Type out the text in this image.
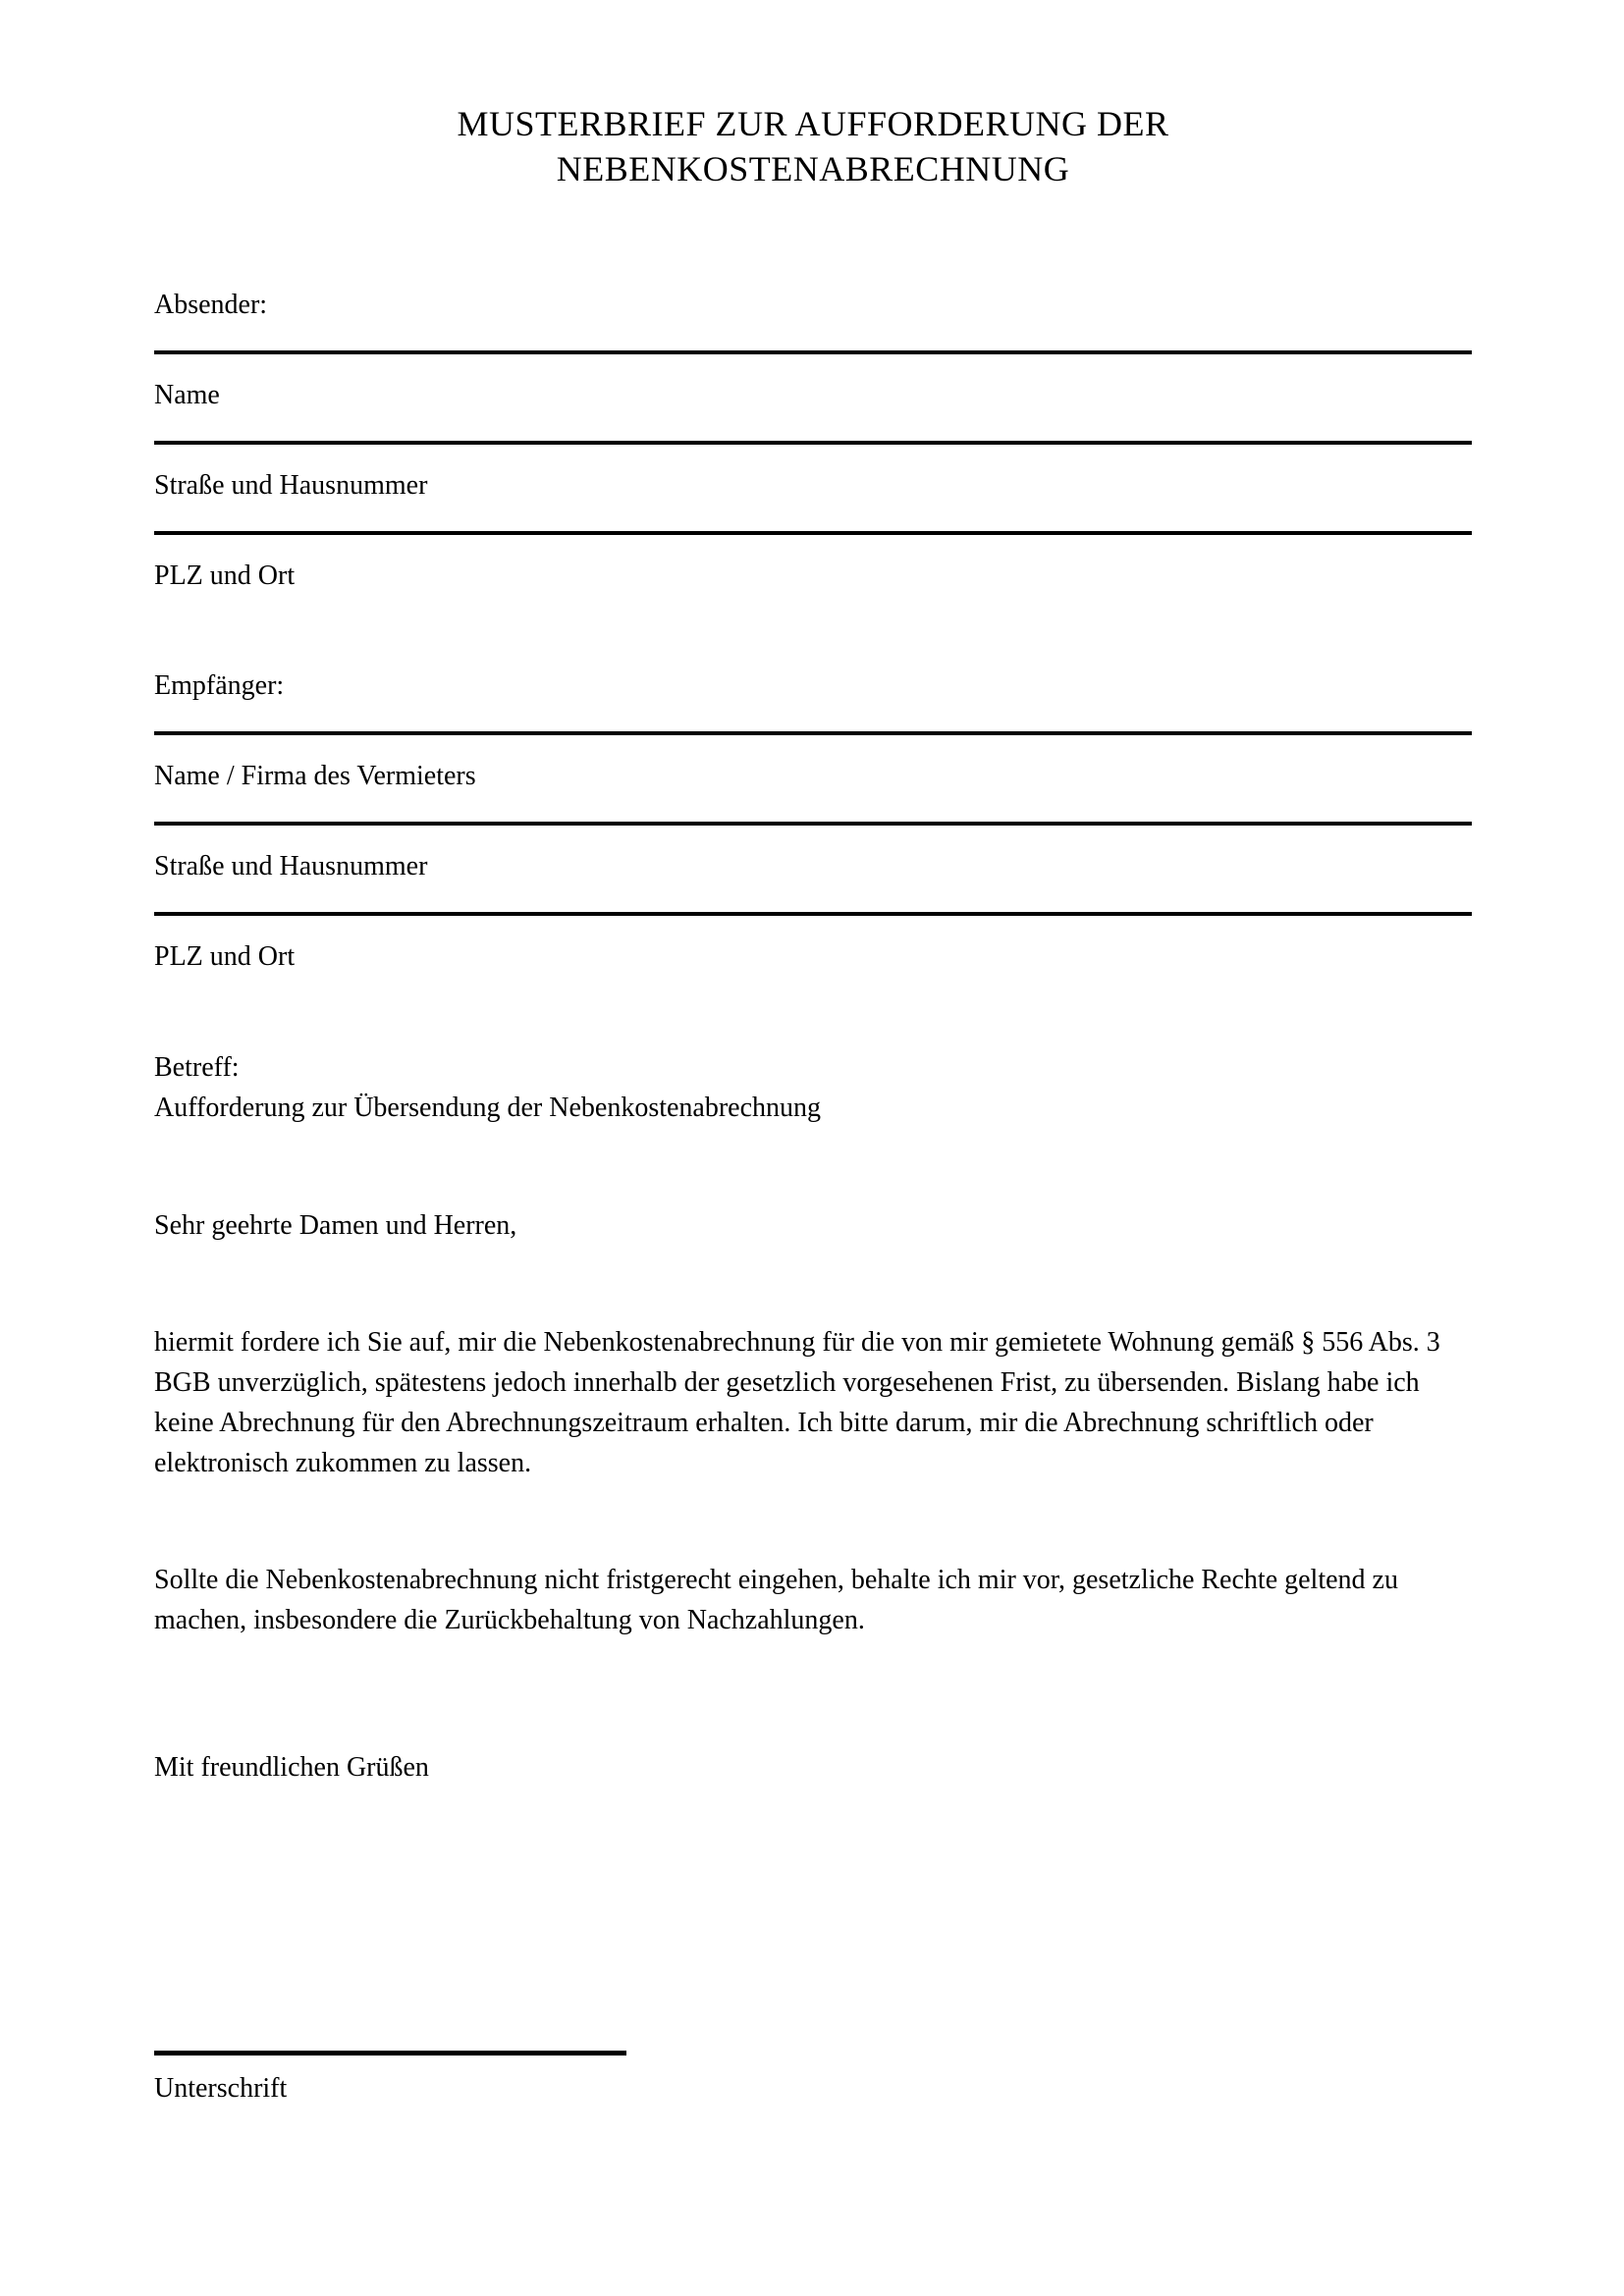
MUSTERBRIEF ZUR AUFFORDERUNG DER
NEBENKOSTENABRECHNUNG
Absender:
Name
Straße und Hausnummer
PLZ und Ort
Empfänger:
Name / Firma des Vermieters
Straße und Hausnummer
PLZ und Ort
Betreff:
Aufforderung zur Übersendung der Nebenkostenabrechnung
Sehr geehrte Damen und Herren,
hiermit fordere ich Sie auf, mir die Nebenkostenabrechnung für die von mir gemietete Wohnung gemäß § 556 Abs. 3 BGB unverzüglich, spätestens jedoch innerhalb der gesetzlich vorgesehenen Frist, zu übersenden. Bislang habe ich keine Abrechnung für den Abrechnungszeitraum erhalten. Ich bitte darum, mir die Abrechnung schriftlich oder elektronisch zukommen zu lassen.
Sollte die Nebenkostenabrechnung nicht fristgerecht eingehen, behalte ich mir vor, gesetzliche Rechte geltend zu machen, insbesondere die Zurückbehaltung von Nachzahlungen.
Mit freundlichen Grüßen
Unterschrift
